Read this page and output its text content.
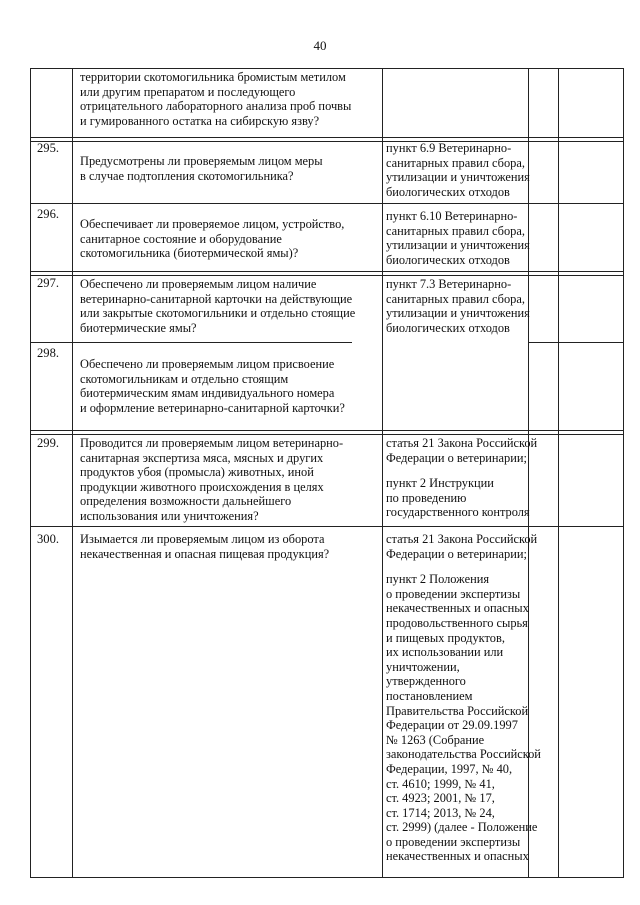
40
территории скотомогильника бромистым метилом
или другим препаратом и последующего
отрицательного лабораторного анализа проб почвы
и гумированного остатка на сибирскую язву?
295.
Предусмотрены ли проверяемым лицом меры
в случае подтопления скотомогильника?
пункт 6.9 Ветеринарно-
санитарных правил сбора,
утилизации и уничтожения
биологических отходов
296.
Обеспечивает ли проверяемое лицом, устройство,
санитарное состояние и оборудование
скотомогильника (биотермической ямы)?
пункт 6.10 Ветеринарно-
санитарных правил сбора,
утилизации и уничтожения
биологических отходов
297. Обеспечено ли проверяемым лицом наличие
ветеринарно-санитарной карточки на действующие
или закрытые скотомогильники и отдельно стоящие
биотермические ямы?
пункт 7.3 Ветеринарно-
санитарных правил сбора,
утилизации и уничтожения
биологических отходов
298.
Обеспечено ли проверяемым лицом присвоение
скотомогильникам и отдельно стоящим
биотермическим ямам индивидуального номера
и оформление ветеринарно-санитарной карточки?
299. Проводится ли проверяемым лицом ветеринарно-
санитарная экспертиза мяса, мясных и других
продуктов убоя (промысла) животных, иной
продукции животного происхождения в целях
определения возможности дальнейшего
использования или уничтожения?
статья 21 Закона Российской
Федерации о ветеринарии;
пункт 2 Инструкции
по проведению
государственного контроля
300. Изымается ли проверяемым лицом из оборота
некачественная и опасная пищевая продукция?
статья 21 Закона Российской
Федерации о ветеринарии;
пункт 2 Положения
о проведении экспертизы
некачественных и опасных
продовольственного сырья
и пищевых продуктов,
их использовании или
уничтожении,
утвержденного
постановлением
Правительства Российской
Федерации от 29.09.1997
№ 1263 (Собрание
законодательства Российской
Федерации, 1997, № 40,
ст. 4610; 1999, № 41,
ст. 4923; 2001, № 17,
ст. 1714; 2013, № 24,
ст. 2999) (далее - Положение
о проведении экспертизы
некачественных и опасных
